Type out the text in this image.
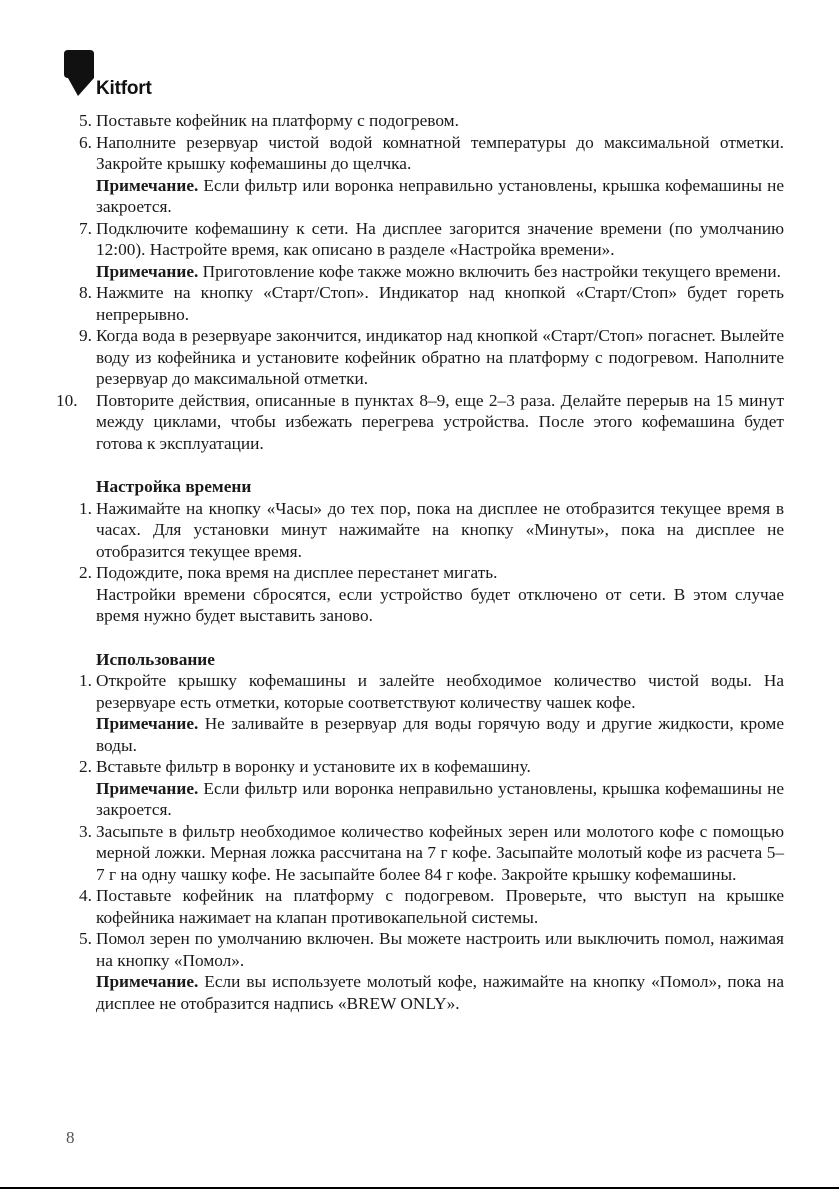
Kitfort
5. Поставьте кофейник на платформу с подогревом.

6. Наполните резервуар чистой водой комнатной температуры до максимальной отметки. Закройте крышку кофемашины до щелчка.

Примечание. Если фильтр или воронка неправильно установлены, крышка кофемашины не закроется.

7. Подключите кофемашину к сети. На дисплее загорится значение времени (по умолчанию 12:00). Настройте время, как описано в разделе «Настройка времени».

Примечание. Приготовление кофе также можно включить без настройки текущего времени.

8. Нажмите на кнопку «Старт/Стоп». Индикатор над кнопкой «Старт/Стоп» будет гореть непрерывно.

9. Когда вода в резервуаре закончится, индикатор над кнопкой «Старт/Стоп» погаснет. Вылейте воду из кофейника и установите кофейник обратно на платформу с подогревом. Наполните резервуар до максимальной отметки.

10.	Повторите действия, описанные в пунктах 8–9, еще 2–3 раза. Делайте перерыв на 15 минут между циклами, чтобы избежать перегрева устройства. После этого кофемашина будет готова к эксплуатации.

Настройка времени
1. Нажимайте на кнопку «Часы» до тех пор, пока на дисплее не отобразится текущее время в часах. Для установки минут нажимайте на кнопку «Минуты», пока на дисплее не отобразится текущее время.

2. Подождите, пока время на дисплее перестанет мигать.

Настройки времени сбросятся, если устройство будет отключено от сети. В этом случае время нужно будет выставить заново.

Использование
1. Откройте крышку кофемашины и залейте необходимое количество чистой воды. На резервуаре есть отметки, которые соответствуют количеству чашек кофе.

Примечание. Не заливайте в резервуар для воды горячую воду и другие жидкости, кроме воды.

2. Вставьте фильтр в воронку и установите их в кофемашину.

Примечание. Если фильтр или воронка неправильно установлены, крышка кофемашины не закроется.

3. Засыпьте в фильтр необходимое количество кофейных зерен или молотого кофе с помощью мерной ложки. Мерная ложка рассчитана на 7 г кофе. Засыпайте молотый кофе из расчета 5–7 г на одну чашку кофе. Не засыпайте более 84 г кофе. Закройте крышку кофемашины.

4. Поставьте кофейник на платформу с подогревом. Проверьте, что выступ на крышке кофейника нажимает на клапан противокапельной системы.

5. Помол зерен по умолчанию включен. Вы можете настроить или выключить помол, нажимая на кнопку «Помол».

Примечание. Если вы используете молотый кофе, нажимайте на кнопку «Помол», пока на дисплее не отобразится надпись «BREW ONLY».

8
